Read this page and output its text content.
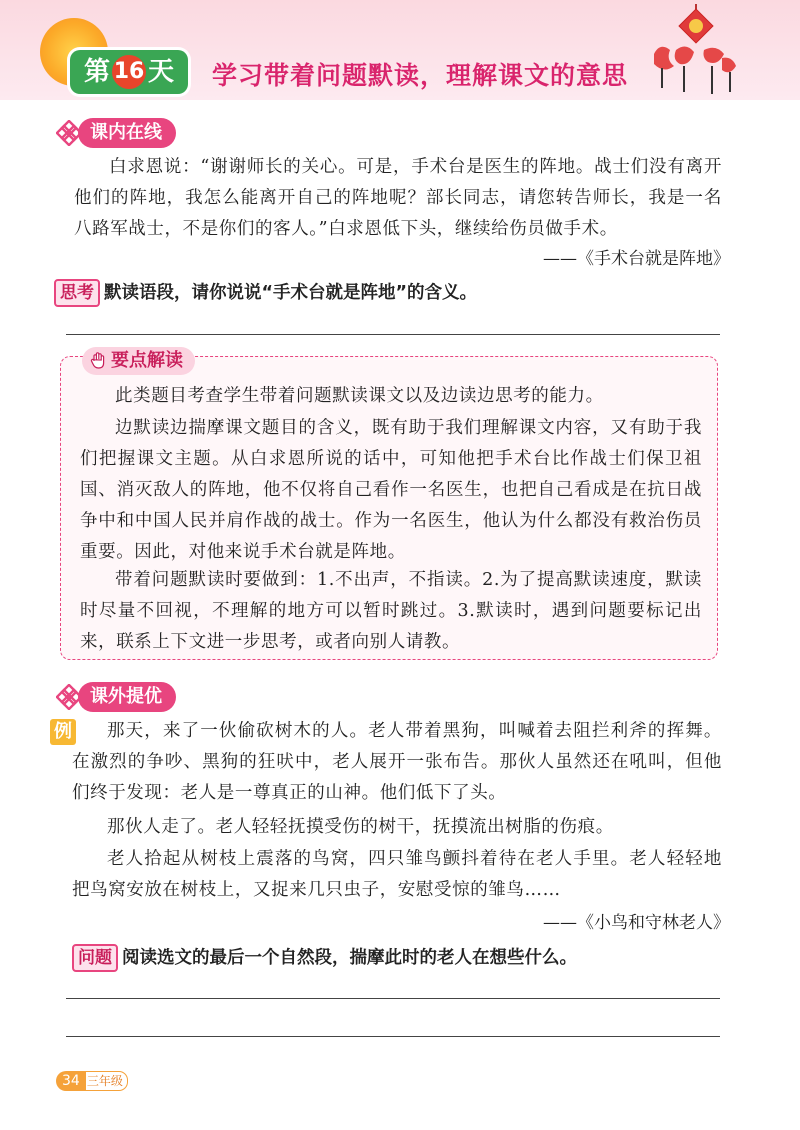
第 16 天	学习带着问题默读，理解课文的意思
课内在线
白求恩说：“谢谢师长的关心。可是，手术台是医生的阵地。战士们没有离开他们的阵地，我怎么能离开自己的阵地呢？部长同志，请您转告师长，我是一名八路军战士，不是你们的客人。”白求恩低下头，继续给伤员做手术。
——《手术台就是阵地》
思考 默读语段，请你说说“手术台就是阵地”的含义。
要点解读
此类题目考查学生带着问题默读课文以及边读边思考的能力。
边默读边揣摩课文题目的含义，既有助于我们理解课文内容，又有助于我们把握课文主题。从白求恩所说的话中，可知他把手术台比作战士们保卫祖国、消灭敌人的阵地，他不仅将自己看作一名医生，也把自己看成是在抗日战争中和中国人民并肩作战的战士。作为一名医生，他认为什么都没有救治伤员重要。因此，对他来说手术台就是阵地。
带着问题默读时要做到：1.不出声，不指读。2.为了提高默读速度，默读时尽量不回视，不理解的地方可以暂时跳过。3.默读时，遇到问题要标记出来，联系上下文进一步思考，或者向别人请教。
课外提优
例	那天，来了一伙偷砍树木的人。老人带着黑狗，叫喊着去阻拦利斧的挥舞。在激烈的争吵、黑狗的狂吠中，老人展开一张布告。那伙人虽然还在吼叫，但他们终于发现：老人是一尊真正的山神。他们低下了头。
那伙人走了。老人轻轻抚摸受伤的树干，抚摸流出树脂的伤痕。
老人拾起从树枝上震落的鸟窝，四只雏鸟颤抖着待在老人手里。老人轻轻地把鸟窝安放在树枝上，又捉来几只虫子，安慰受惊的雏鸟……
——《小鸟和守林老人》
问题 阅读选文的最后一个自然段，揣摩此时的老人在想些什么。
34 三年级
